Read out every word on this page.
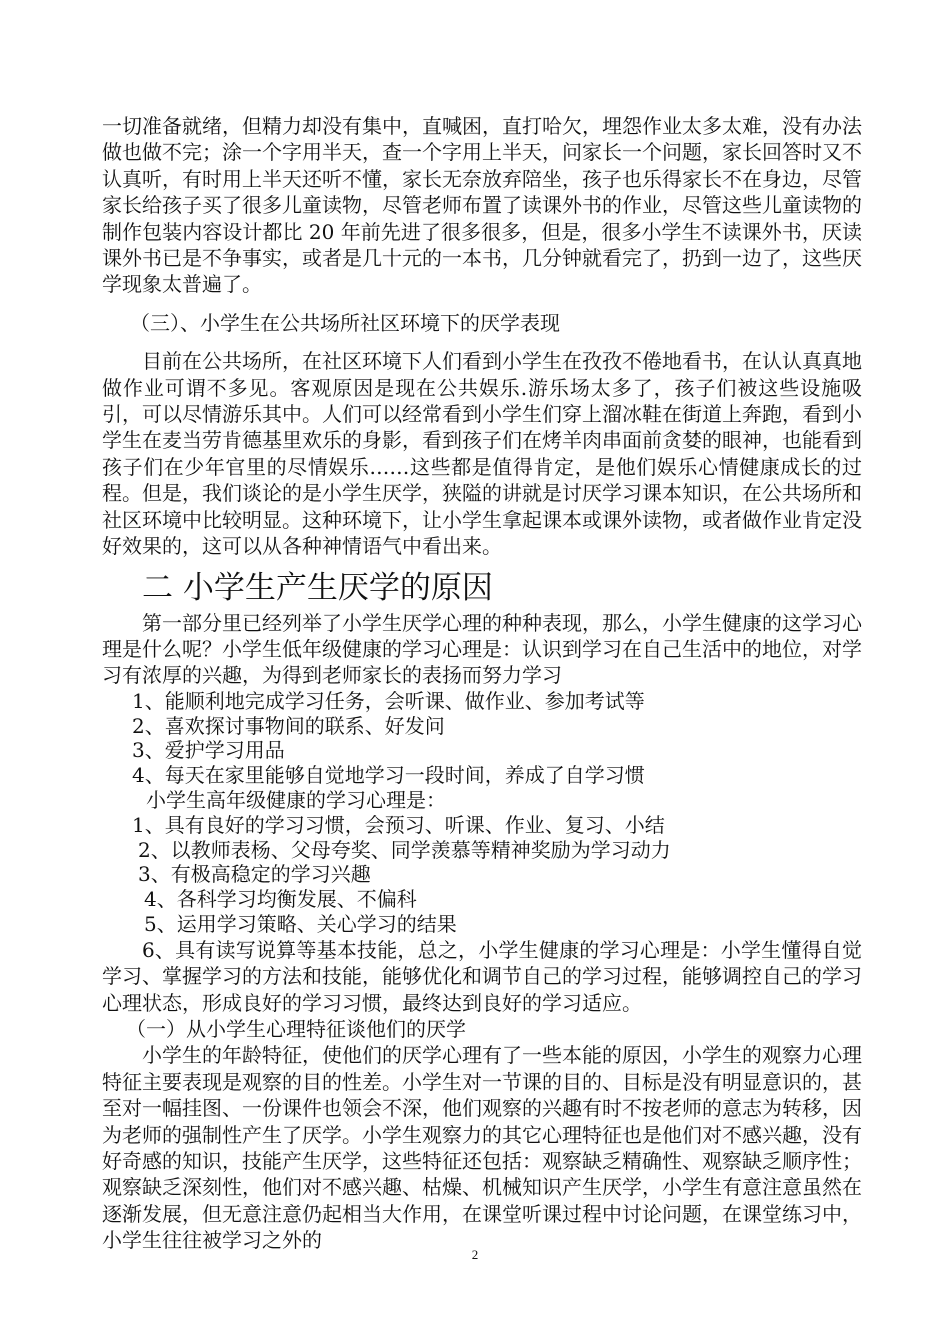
一切准备就绪，但精力却没有集中，直喊困，直打哈欠，埋怨作业太多太难，没有办法做也做不完；涂一个字用半天，查一个字用上半天，问家长一个问题，家长回答时又不认真听，有时用上半天还听不懂，家长无奈放弃陪坐，孩子也乐得家长不在身边，尽管家长给孩子买了很多儿童读物，尽管老师布置了读课外书的作业，尽管这些儿童读物的制作包装内容设计都比 20 年前先进了很多很多，但是，很多小学生不读课外书，厌读课外书已是不争事实，或者是几十元的一本书，几分钟就看完了，扔到一边了，这些厌学现象太普遍了。

（三）、小学生在公共场所社区环境下的厌学表现

目前在公共场所，在社区环境下人们看到小学生在孜孜不倦地看书，在认认真真地做作业可谓不多见。客观原因是现在公共娱乐.游乐场太多了，孩子们被这些设施吸引，可以尽情游乐其中。人们可以经常看到小学生们穿上溜冰鞋在街道上奔跑，看到小学生在麦当劳肯德基里欢乐的身影，看到孩子们在烤羊肉串面前贪婪的眼神，也能看到孩子们在少年官里的尽情娱乐……这些都是值得肯定，是他们娱乐心情健康成长的过程。但是，我们谈论的是小学生厌学，狭隘的讲就是讨厌学习课本知识，在公共场所和社区环境中比较明显。这种环境下，让小学生拿起课本或课外读物，或者做作业肯定没好效果的，这可以从各种神情语气中看出来。

二 小学生产生厌学的原因

第一部分里已经列举了小学生厌学心理的种种表现，那么，小学生健康的这学习心理是什么呢？小学生低年级健康的学习心理是：认识到学习在自己生活中的地位，对学习有浓厚的兴趣，为得到老师家长的表扬而努力学习

1、能顺利地完成学习任务，会听课、做作业、参加考试等

2、喜欢探讨事物间的联系、好发问

3、爱护学习用品

4、每天在家里能够自觉地学习一段时间，养成了自学习惯

小学生高年级健康的学习心理是：

1、具有良好的学习习惯，会预习、听课、作业、复习、小结

2、以教师表杨、父母夸奖、同学羡慕等精神奖励为学习动力

3、有极高稳定的学习兴趣

4、各科学习均衡发展、不偏科

5、运用学习策略、关心学习的结果

6、具有读写说算等基本技能，总之，小学生健康的学习心理是：小学生懂得自觉学习、掌握学习的方法和技能，能够优化和调节自己的学习过程，能够调控自己的学习心理状态，形成良好的学习习惯，最终达到良好的学习适应。

（一）从小学生心理特征谈他们的厌学

小学生的年龄特征，使他们的厌学心理有了一些本能的原因，小学生的观察力心理特征主要表现是观察的目的性差。小学生对一节课的目的、目标是没有明显意识的，甚至对一幅挂图、一份课件也领会不深，他们观察的兴趣有时不按老师的意志为转移，因为老师的强制性产生了厌学。小学生观察力的其它心理特征也是他们对不感兴趣，没有好奇感的知识，技能产生厌学，这些特征还包括：观察缺乏精确性、观察缺乏顺序性；观察缺乏深刻性，他们对不感兴趣、枯燥、机械知识产生厌学，小学生有意注意虽然在逐渐发展，但无意注意仍起相当大作用，在课堂听课过程中讨论问题，在课堂练习中，小学生往往被学习之外的

2
